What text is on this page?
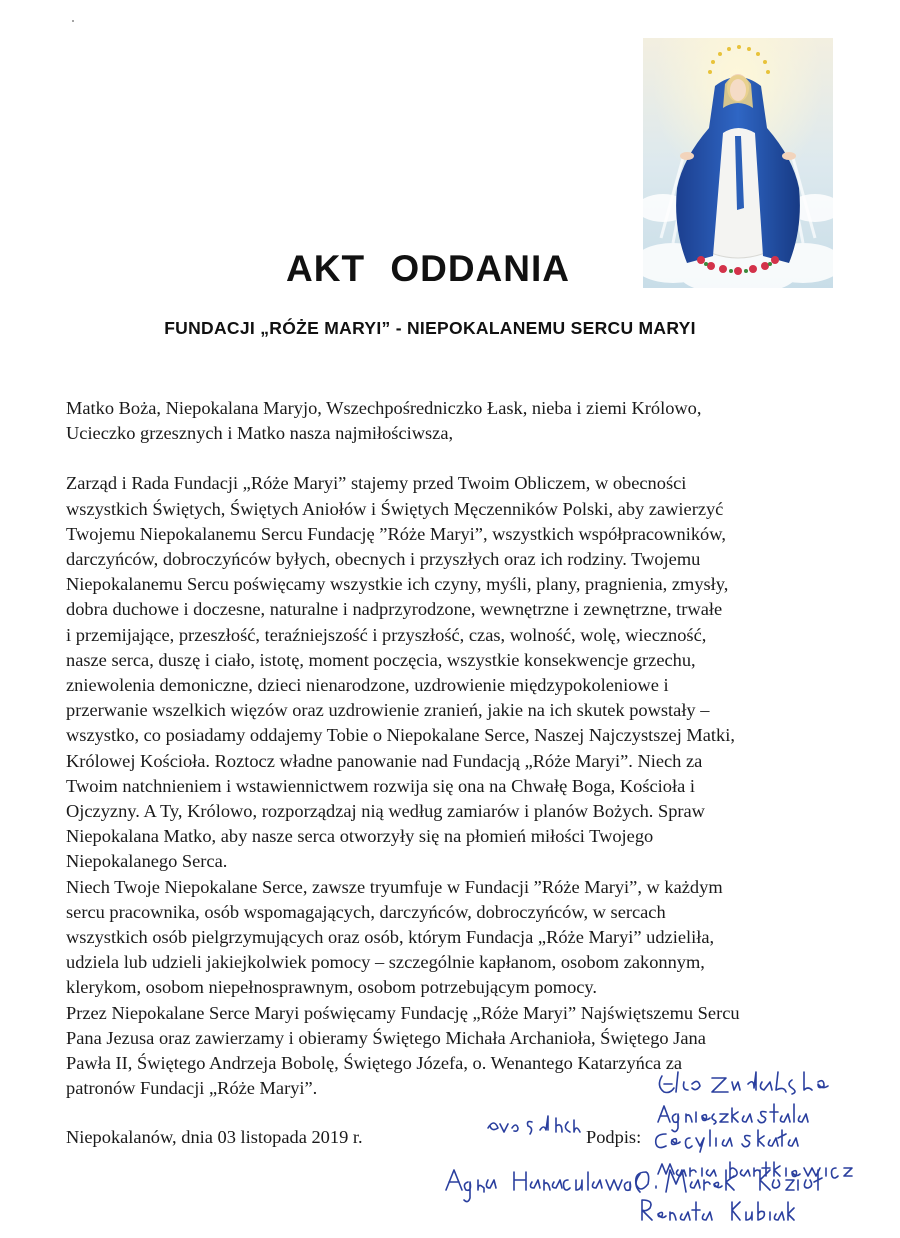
AKT ODDANIA
FUNDACJI „RÓŻE MARYI” - NIEPOKALANEMU SERCU MARYI

Matko Boża, Niepokalana Maryjo, Wszechpośredniczko Łask, nieba i ziemi Królowo,
Ucieczko grzesznych i Matko nasza najmiłościwsza,

Zarząd i Rada Fundacji „Róże Maryi” stajemy przed Twoim Obliczem, w obecności
wszystkich Świętych, Świętych Aniołów i Świętych Męczenników Polski, aby zawierzyć
Twojemu Niepokalanemu Sercu Fundację ”Róże Maryi”, wszystkich współpracowników,
darczyńców, dobroczyńców byłych, obecnych i przyszłych oraz ich rodziny. Twojemu
Niepokalanemu Sercu poświęcamy wszystkie ich czyny, myśli, plany, pragnienia, zmysły,
dobra duchowe i doczesne, naturalne i nadprzyrodzone, wewnętrzne i zewnętrzne, trwałe
i przemijające, przeszłość, teraźniejszość i przyszłość, czas, wolność, wolę, wieczność,
nasze serca, duszę i ciało, istotę, moment poczęcia, wszystkie konsekwencje grzechu,
zniewolenia demoniczne, dzieci nienarodzone, uzdrowienie międzypokoleniowe i
przerwanie wszelkich więzów oraz uzdrowienie zranień, jakie na ich skutek powstały –
wszystko, co posiadamy oddajemy Tobie o Niepokalane Serce, Naszej Najczystszej Matki,
Królowej Kościoła. Roztocz władne panowanie nad Fundacją „Róże Maryi”. Niech za
Twoim natchnieniem i wstawiennictwem rozwija się ona na Chwałę Boga, Kościoła i
Ojczyzny. A Ty, Królowo, rozporządzaj nią według zamiarów i planów Bożych. Spraw
Niepokalana Matko, aby nasze serca otworzyły się na płomień miłości Twojego
Niepokalanego Serca.

Niech Twoje Niepokalane Serce, zawsze tryumfuje w Fundacji ”Róże Maryi”, w każdym
sercu pracownika, osób wspomagających, darczyńców, dobroczyńców, w sercach
wszystkich osób pielgrzymujących oraz osób, którym Fundacja „Róże Maryi” udzieliła,
udziela lub udzieli jakiejkolwiek pomocy – szczególnie kapłanom, osobom zakonnym,
klerykom, osobom niepełnosprawnym, osobom potrzebującym pomocy.

Przez Niepokalane Serce Maryi poświęcamy Fundację „Róże Maryi” Najświętszemu Sercu
Pana Jezusa oraz zawierzamy i obieramy Świętego Michała Archanioła, Świętego Jana
Pawła II, Świętego Andrzeja Bobolę, Świętego Józefa, o. Wenantego Katarzyńca za
patronów Fundacji „Róże Maryi”.

Niepokalanów, dnia 03 listopada 2019 r.	Podpis:
